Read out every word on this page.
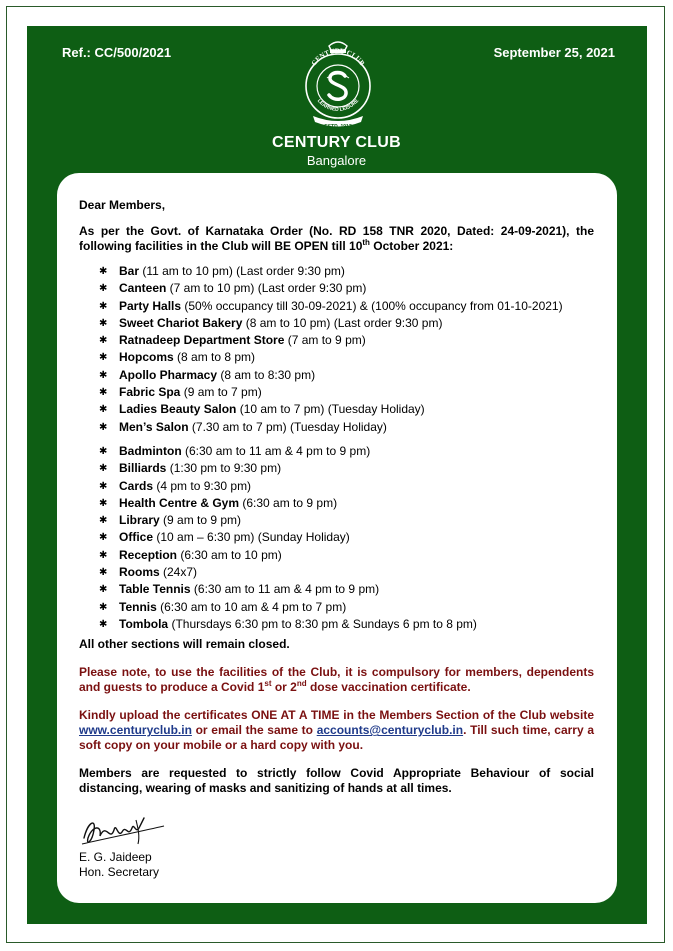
Ref.: CC/500/2021	September 25, 2021
CENTURY CLUB
LEARNED LEISURE
ESTD. 1917
CENTURY CLUB
Bangalore
Dear Members,
As per the Govt. of Karnataka Order (No. RD 158 TNR 2020, Dated: 24-09-2021), the following facilities in the Club will BE OPEN till 10th October 2021:
✱ Bar (11 am to 10 pm) (Last order 9:30 pm)
✱ Canteen (7 am to 10 pm) (Last order 9:30 pm)
✱ Party Halls (50% occupancy till 30-09-2021) & (100% occupancy from 01-10-2021)
✱ Sweet Chariot Bakery (8 am to 10 pm) (Last order 9:30 pm)
✱ Ratnadeep Department Store (7 am to 9 pm)
✱ Hopcoms (8 am to 8 pm)
✱ Apollo Pharmacy (8 am to 8:30 pm)
✱ Fabric Spa (9 am to 7 pm)
✱ Ladies Beauty Salon (10 am to 7 pm) (Tuesday Holiday)
✱ Men’s Salon (7.30 am to 7 pm) (Tuesday Holiday)
✱ Badminton (6:30 am to 11 am & 4 pm to 9 pm)
✱ Billiards (1:30 pm to 9:30 pm)
✱ Cards (4 pm to 9:30 pm)
✱ Health Centre & Gym (6:30 am to 9 pm)
✱ Library (9 am to 9 pm)
✱ Office (10 am – 6:30 pm) (Sunday Holiday)
✱ Reception (6:30 am to 10 pm)
✱ Rooms (24x7)
✱ Table Tennis (6:30 am to 11 am & 4 pm to 9 pm)
✱ Tennis (6:30 am to 10 am & 4 pm to 7 pm)
✱ Tombola (Thursdays 6:30 pm to 8:30 pm & Sundays 6 pm to 8 pm)
All other sections will remain closed.
Please note, to use the facilities of the Club, it is compulsory for members, dependents and guests to produce a Covid 1st or 2nd dose vaccination certificate.
Kindly upload the certificates ONE AT A TIME in the Members Section of the Club website www.centuryclub.in or email the same to accounts@centuryclub.in. Till such time, carry a soft copy on your mobile or a hard copy with you.
Members are requested to strictly follow Covid Appropriate Behaviour of social distancing, wearing of masks and sanitizing of hands at all times.
E. G. Jaideep
Hon. Secretary
